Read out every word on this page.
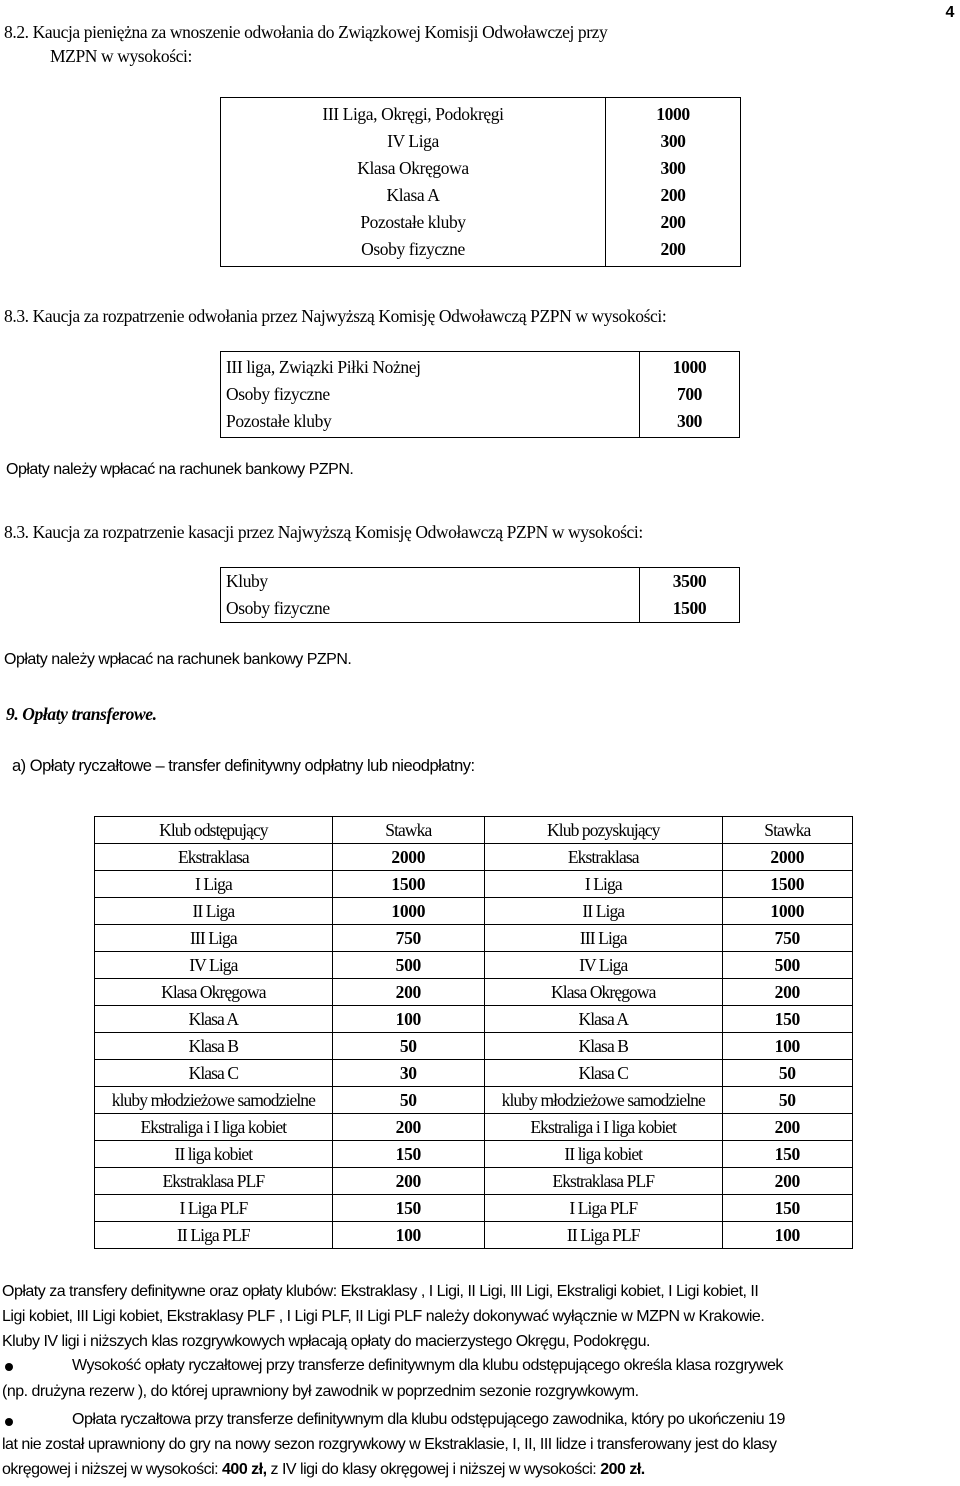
4
8.2. Kaucja pieniężna za wnoszenie odwołania do Związkowej Komisji Odwoławczej przy
MZPN w wysokości:
III Liga, Okręgi, Podokręgi	1000
IV Liga	300
Klasa Okręgowa	300
Klasa A	200
Pozostałe kluby	200
Osoby fizyczne	200
8.3. Kaucja za rozpatrzenie odwołania przez Najwyższą Komisję Odwoławczą PZPN w wysokości:
III liga, Związki Piłki Nożnej	1000
Osoby fizyczne	700
Pozostałe kluby	300
Opłaty należy wpłacać na rachunek bankowy PZPN.
8.3. Kaucja za rozpatrzenie kasacji przez Najwyższą Komisję Odwoławczą PZPN w wysokości:
Kluby	3500
Osoby fizyczne	1500
Opłaty należy wpłacać na rachunek bankowy PZPN.
9. Opłaty transferowe.
a) Opłaty ryczałtowe – transfer definitywny odpłatny lub nieodpłatny:
Klub odstępujący	Stawka	Klub pozyskujący	Stawka
Ekstraklasa	2000	Ekstraklasa	2000
I Liga	1500	I Liga	1500
II Liga	1000	II Liga	1000
III Liga	750	III Liga	750
IV Liga	500	IV Liga	500
Klasa Okręgowa	200	Klasa Okręgowa	200
Klasa A	100	Klasa A	150
Klasa B	50	Klasa B	100
Klasa C	30	Klasa C	50
kluby młodzieżowe samodzielne	50	kluby młodzieżowe samodzielne	50
Ekstraliga i I liga kobiet	200	Ekstraliga i I liga kobiet	200
II liga kobiet	150	II liga kobiet	150
Ekstraklasa PLF	200	Ekstraklasa PLF	200
I Liga PLF	150	I Liga PLF	150
II Liga PLF	100	II Liga PLF	100
Opłaty za transfery definitywne oraz opłaty klubów: Ekstraklasy , I Ligi, II Ligi, III Ligi, Ekstraligi kobiet, I Ligi kobiet, II
Ligi kobiet, III Ligi kobiet, Ekstraklasy PLF , I Ligi PLF, II Ligi PLF należy dokonywać wyłącznie w MZPN w Krakowie.
Kluby IV ligi i niższych klas rozgrywkowych wpłacają opłaty do macierzystego Okręgu, Podokręgu.
Wysokość opłaty ryczałtowej przy transferze definitywnym dla klubu odstępującego określa klasa rozgrywek
(np. drużyna rezerw ), do której uprawniony był zawodnik w poprzednim sezonie rozgrywkowym.
Opłata ryczałtowa przy transferze definitywnym dla klubu odstępującego zawodnika, który po ukończeniu 19
lat nie został uprawniony do gry na nowy sezon rozgrywkowy w Ekstraklasie, I, II, III lidze i transferowany jest do klasy
okręgowej i niższej w wysokości: 400 zł, z IV ligi do klasy okręgowej i niższej w wysokości: 200 zł.
